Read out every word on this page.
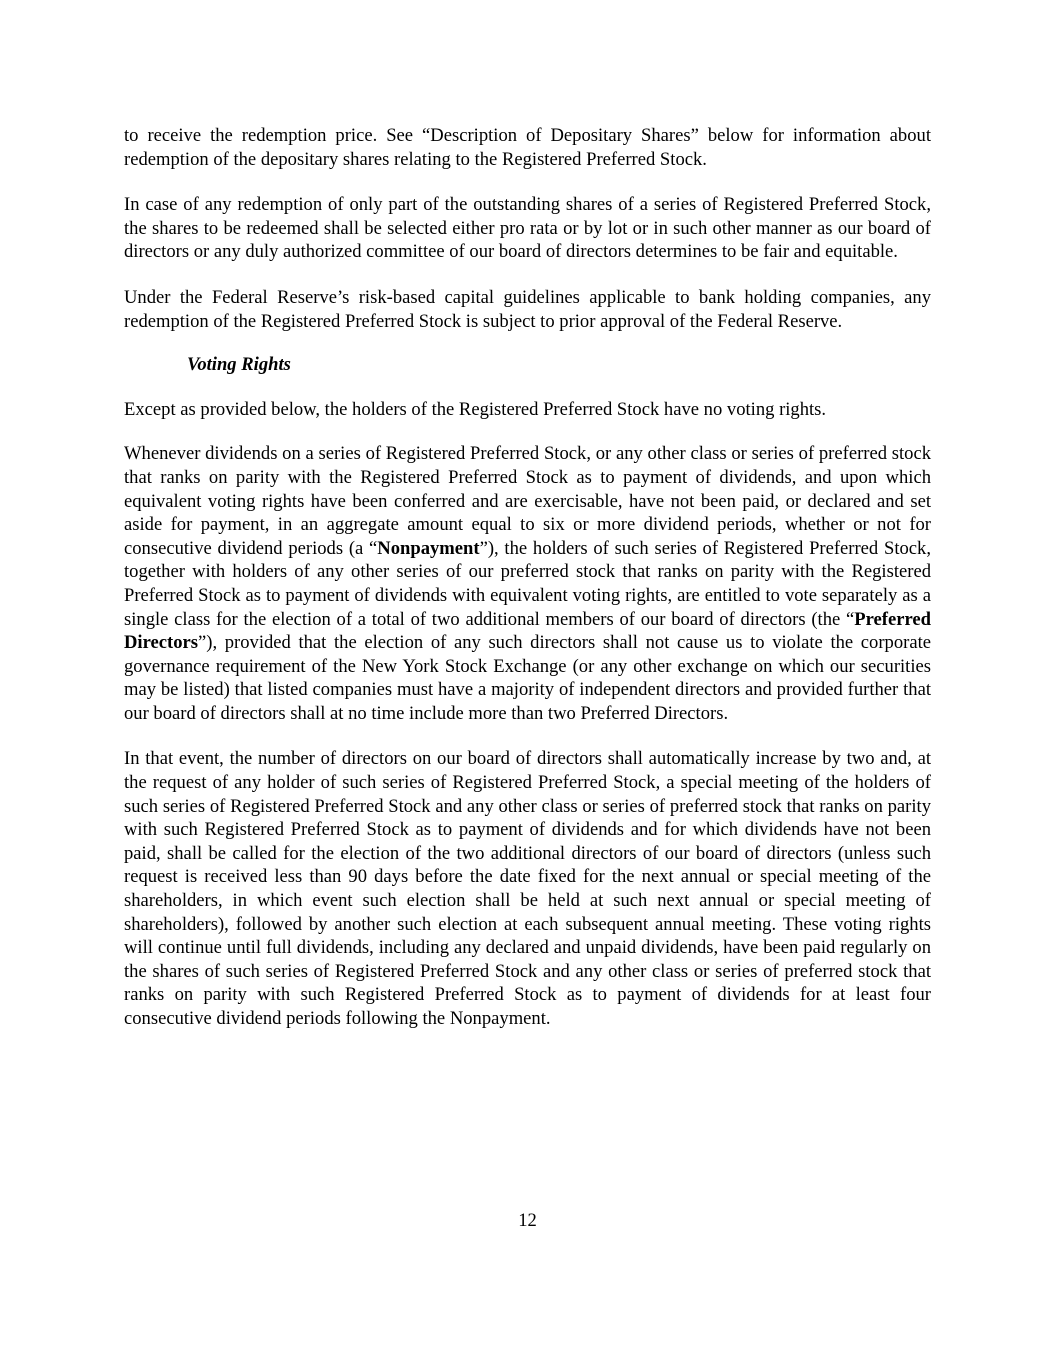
to receive the redemption price. See “Description of Depositary Shares” below for information about redemption of the depositary shares relating to the Registered Preferred Stock.

In case of any redemption of only part of the outstanding shares of a series of Registered Preferred Stock, the shares to be redeemed shall be selected either pro rata or by lot or in such other manner as our board of directors or any duly authorized committee of our board of directors determines to be fair and equitable.

Under the Federal Reserve’s risk-based capital guidelines applicable to bank holding companies, any redemption of the Registered Preferred Stock is subject to prior approval of the Federal Reserve.

Voting Rights

Except as provided below, the holders of the Registered Preferred Stock have no voting rights.

Whenever dividends on a series of Registered Preferred Stock, or any other class or series of preferred stock that ranks on parity with the Registered Preferred Stock as to payment of dividends, and upon which equivalent voting rights have been conferred and are exercisable, have not been paid, or declared and set aside for payment, in an aggregate amount equal to six or more dividend periods, whether or not for consecutive dividend periods (a “Nonpayment”), the holders of such series of Registered Preferred Stock, together with holders of any other series of our preferred stock that ranks on parity with the Registered Preferred Stock as to payment of dividends with equivalent voting rights, are entitled to vote separately as a single class for the election of a total of two additional members of our board of directors (the “Preferred Directors”), provided that the election of any such directors shall not cause us to violate the corporate governance requirement of the New York Stock Exchange (or any other exchange on which our securities may be listed) that listed companies must have a majority of independent directors and provided further that our board of directors shall at no time include more than two Preferred Directors.

In that event, the number of directors on our board of directors shall automatically increase by two and, at the request of any holder of such series of Registered Preferred Stock, a special meeting of the holders of such series of Registered Preferred Stock and any other class or series of preferred stock that ranks on parity with such Registered Preferred Stock as to payment of dividends and for which dividends have not been paid, shall be called for the election of the two additional directors of our board of directors (unless such request is received less than 90 days before the date fixed for the next annual or special meeting of the shareholders, in which event such election shall be held at such next annual or special meeting of shareholders), followed by another such election at each subsequent annual meeting. These voting rights will continue until full dividends, including any declared and unpaid dividends, have been paid regularly on the shares of such series of Registered Preferred Stock and any other class or series of preferred stock that ranks on parity with such Registered Preferred Stock as to payment of dividends for at least four consecutive dividend periods following the Nonpayment.

12
